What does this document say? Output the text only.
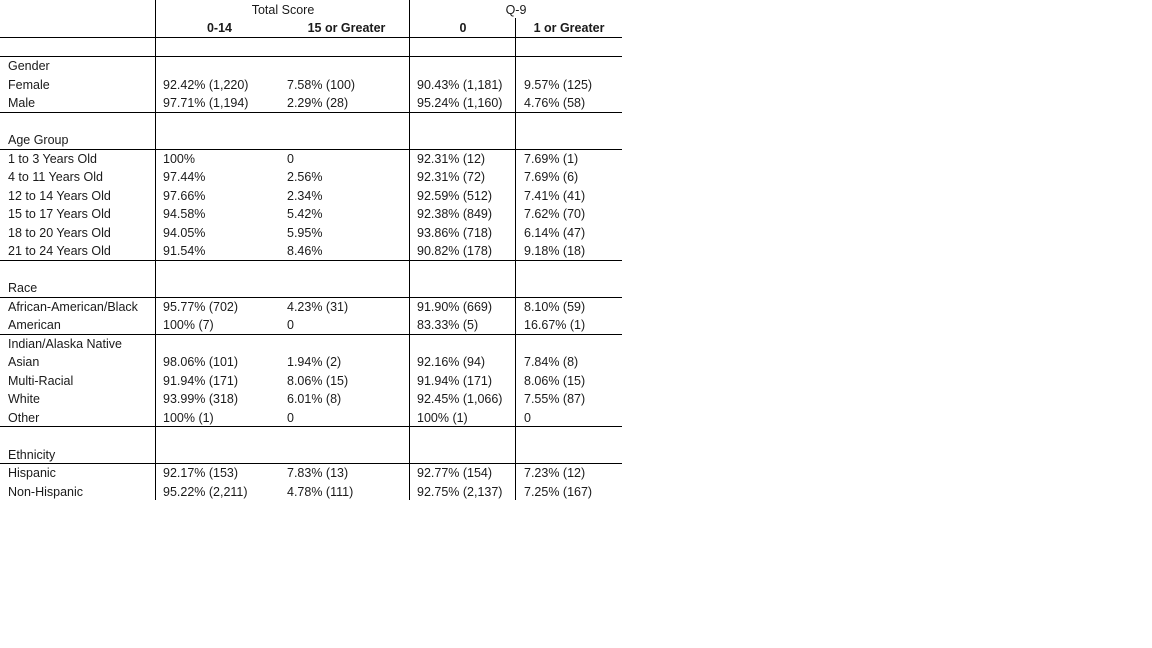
Total Score	Q-9
0-14	15 or Greater	0	1 or Greater
Gender
Female	92.42% (1,220)	7.58% (100)	90.43% (1,181) 9.57% (125)
Male	97.71% (1,194)	2.29% (28)	95.24% (1,160) 4.76% (58)
Age Group
1 to 3 Years Old	100%	0	92.31% (12)	7.69% (1)
4 to 11 Years Old	97.44%	2.56%	92.31% (72)	7.69% (6)
12 to 14 Years Old	97.66%	2.34%	92.59% (512)	7.41% (41)
15 to 17 Years Old	94.58%	5.42%	92.38% (849)	7.62% (70)
18 to 20 Years Old	94.05%	5.95%	93.86% (718)	6.14% (47)
21 to 24 Years Old	91.54%	8.46%	90.82% (178)	9.18% (18)
Race
African-American/Black 95.77% (702)	4.23% (31)	91.90% (669)	8.10% (59)
American	100% (7)	0	83.33% (5)	16.67% (1)
Indian/Alaska Native
Asian	98.06% (101)	1.94% (2)	92.16% (94)	7.84% (8)
Multi-Racial	91.94% (171)	8.06% (15)	91.94% (171)	8.06% (15)
White	93.99% (318)	6.01% (8)	92.45% (1,066) 7.55% (87)
Other	100% (1)	0	100% (1)	0
Ethnicity
Hispanic	92.17% (153)	7.83% (13)	92.77% (154)	7.23% (12)
Non-Hispanic	95.22% (2,211)	4.78% (111)	92.75% (2,137) 7.25% (167)
